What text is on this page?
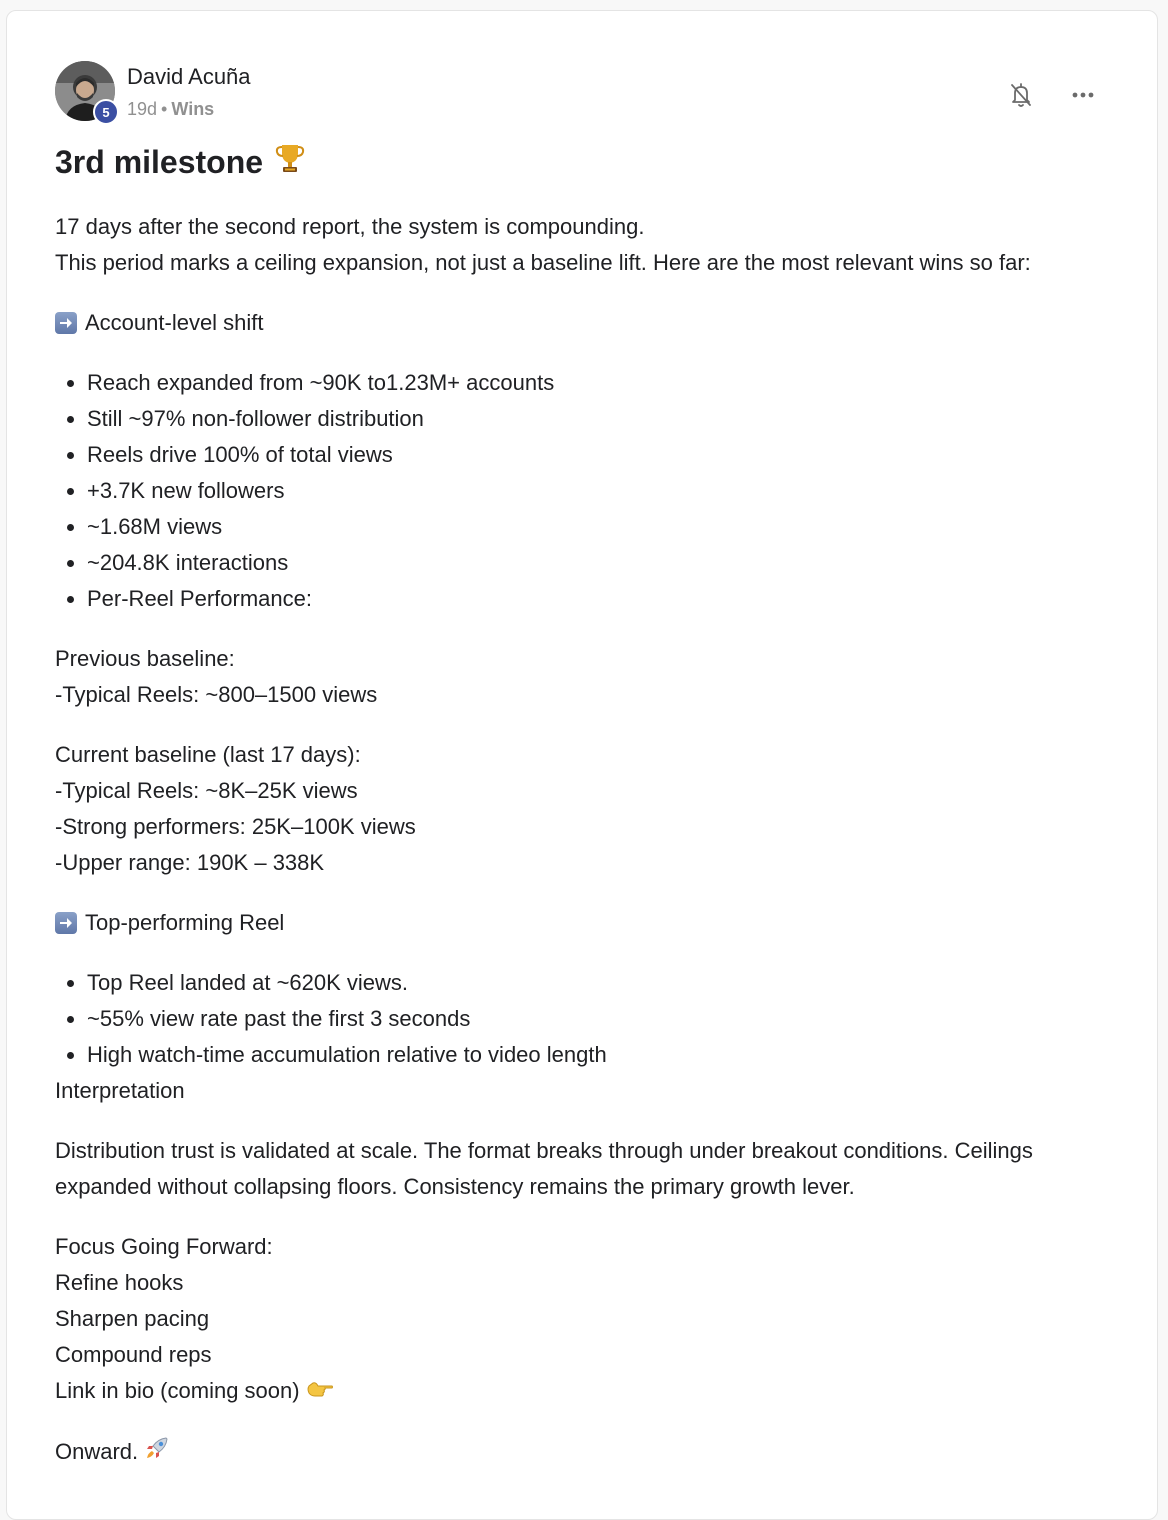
5
David Acuña
19d • Wins
3rd milestone

17 days after the second report, the system is compounding.

This period marks a ceiling expansion, not just a baseline lift. Here are the most relevant wins so far:

Account-level shift

• Reach expanded from ~90K to1.23M+ accounts
• Still ~97% non-follower distribution
• Reels drive 100% of total views
• +3.7K new followers
• ~1.68M views
• ~204.8K interactions
• Per-Reel Performance:

Previous baseline:

-Typical Reels: ~800–1500 views

Current baseline (last 17 days):

-Typical Reels: ~8K–25K views

-Strong performers: 25K–100K views

-Upper range: 190K – 338K

Top-performing Reel

• Top Reel landed at ~620K views.
• ~55% view rate past the first 3 seconds
• High watch-time accumulation relative to video length

Interpretation

Distribution trust is validated at scale. The format breaks through under breakout conditions. Ceilings expanded without collapsing floors. Consistency remains the primary growth lever.

Focus Going Forward:

Refine hooks

Sharpen pacing

Compound reps

Link in bio (coming soon)

Onward.
